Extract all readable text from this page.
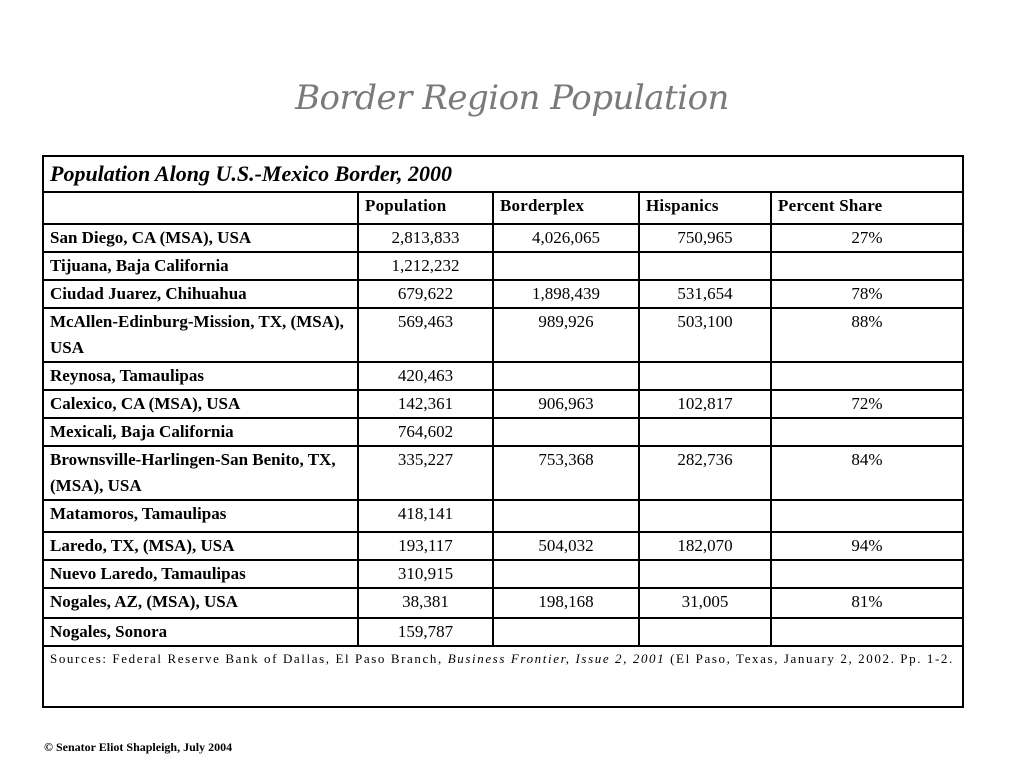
Border Region Population
Population Along U.S.-Mexico Border, 2000				
	Population	Borderplex	Hispanics	Percent Share
San Diego, CA (MSA), USA	2,813,833	4,026,065	750,965	27%
Tijuana, Baja California	1,212,232			
Ciudad Juarez, Chihuahua	679,622	1,898,439	531,654	78%
McAllen-Edinburg-Mission, TX, (MSA), USA	569,463	989,926	503,100	88%
Reynosa, Tamaulipas	420,463			
Calexico, CA (MSA), USA	142,361	906,963	102,817	72%
Mexicali, Baja California	764,602			
Brownsville-Harlingen-San Benito, TX, (MSA), USA	335,227	753,368	282,736	84%
Matamoros, Tamaulipas	418,141			
Laredo, TX, (MSA), USA	193,117	504,032	182,070	94%
Nuevo Laredo, Tamaulipas	310,915			
Nogales, AZ, (MSA), USA	38,381	198,168	31,005	81%
Nogales, Sonora	159,787			
Sources: Federal Reserve Bank of Dallas, El Paso Branch, Business Frontier, Issue 2, 2001 (El Paso, Texas, January 2, 2002. Pp. 1-2.				
© Senator Eliot Shapleigh, July 2004
